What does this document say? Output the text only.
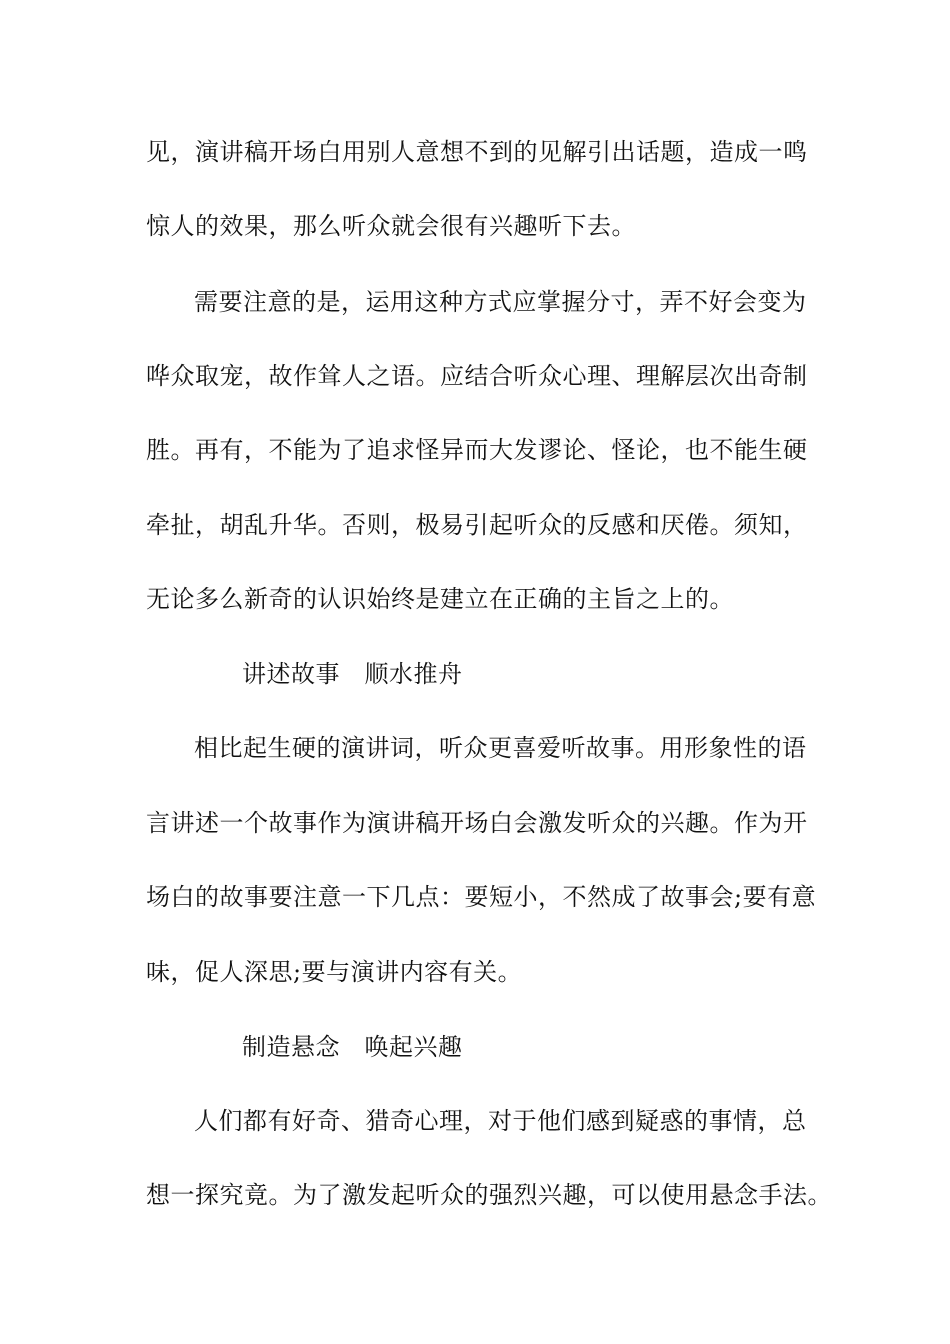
见，演讲稿开场白用别人意想不到的见解引出话题，造成一鸣
惊人的效果，那么听众就会很有兴趣听下去。
需要注意的是，运用这种方式应掌握分寸，弄不好会变为
哗众取宠，故作耸人之语。应结合听众心理、理解层次出奇制
胜。再有，不能为了追求怪异而大发谬论、怪论，也不能生硬
牵扯，胡乱升华。否则，极易引起听众的反感和厌倦。须知，
无论多么新奇的认识始终是建立在正确的主旨之上的。
讲述故事　顺水推舟
相比起生硬的演讲词，听众更喜爱听故事。用形象性的语
言讲述一个故事作为演讲稿开场白会激发听众的兴趣。作为开
场白的故事要注意一下几点：要短小，不然成了故事会;要有意
味，促人深思;要与演讲内容有关。
制造悬念　唤起兴趣
人们都有好奇、猎奇心理，对于他们感到疑惑的事情，总
想一探究竟。为了激发起听众的强烈兴趣，可以使用悬念手法。
